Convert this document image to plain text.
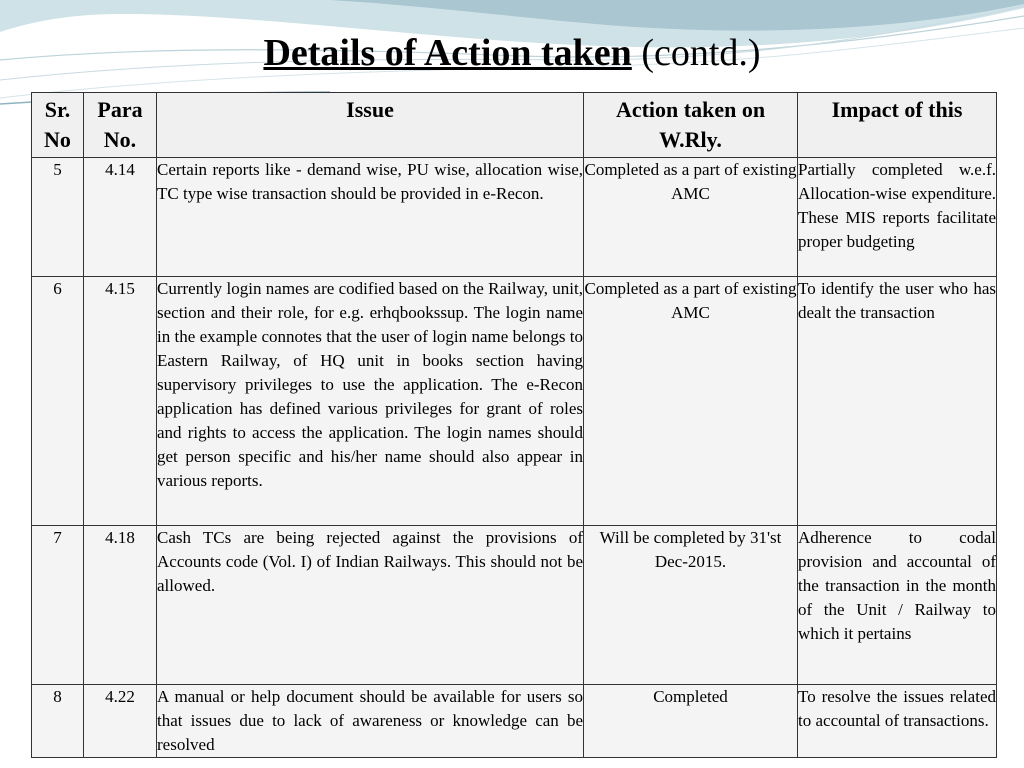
Details of Action taken (contd.)
Sr. No	Para No.	Issue	Action taken on W.Rly.	Impact of this
5	4.14	Certain reports like - demand wise, PU wise, allocation wise, TC type wise transaction should be provided in e-Recon.	Completed as a part of existing AMC	Partially completed w.e.f. Allocation-wise expenditure. These MIS reports facilitate proper budgeting
6	4.15	Currently login names are codified based on the Railway, unit, section and their role, for e.g. erhqbookssup. The login name in the example connotes that the user of login name belongs to Eastern Railway, of HQ unit in books section having supervisory privileges to use the application. The e-Recon application has defined various privileges for grant of roles and rights to access the application. The login names should get person specific and his/her name should also appear in various reports.	Completed as a part of existing AMC	To identify the user who has dealt the transaction
7	4.18	Cash TCs are being rejected against the provisions of Accounts code (Vol. I) of Indian Railways. This should not be allowed.	Will be completed by 31'st Dec-2015.	Adherence to codal provision and accountal of the transaction in the month of the Unit / Railway to which it pertains
8	4.22	A manual or help document should be available for users so that issues due to lack of awareness or knowledge can be resolved	Completed	To resolve the issues related to accountal of transactions.
